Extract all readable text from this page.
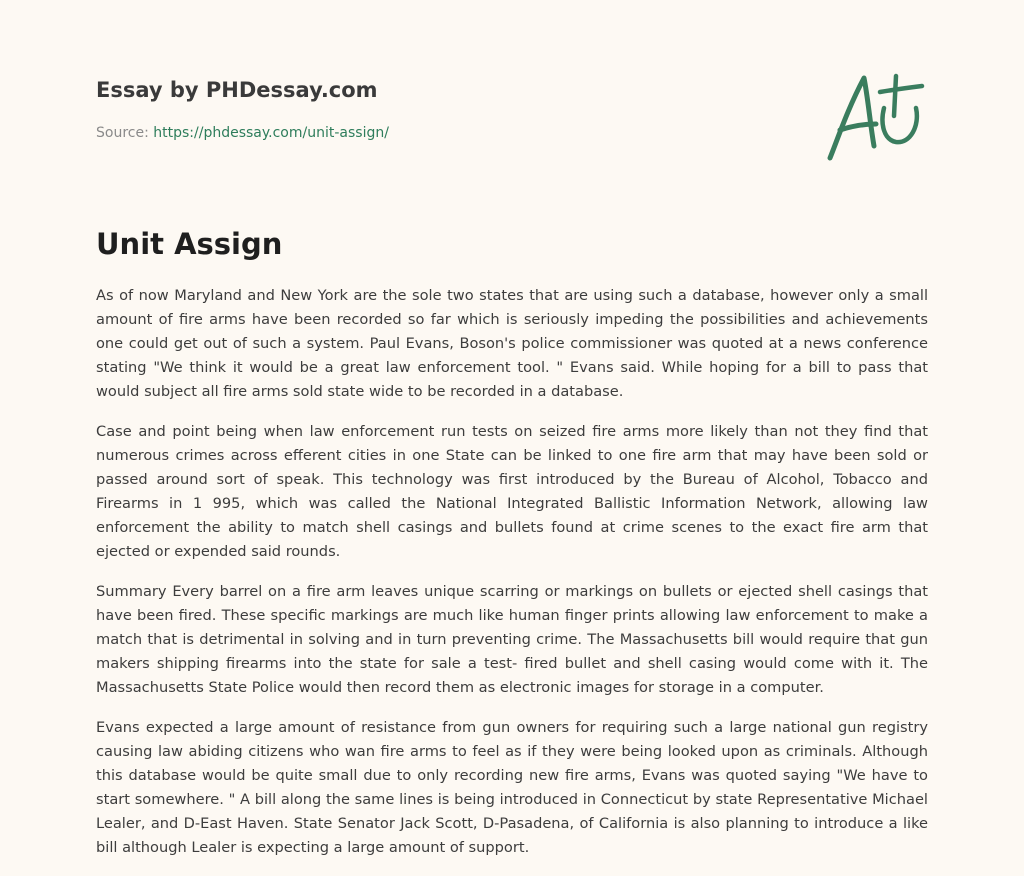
Essay by PHDessay.com
Source: https://phdessay.com/unit-assign/
Unit Assign

As of now Maryland and New York are the sole two states that are using such a database, however only a small amount of fire arms have been recorded so far which is seriously impeding the possibilities and achievements one could get out of such a system. Paul Evans, Boson's police commissioner was quoted at a news conference stating "We think it would be a great law enforcement tool. " Evans said. While hoping for a bill to pass that would subject all fire arms sold state wide to be recorded in a database.

Case and point being when law enforcement run tests on seized fire arms more likely than not they find that numerous crimes across efferent cities in one State can be linked to one fire arm that may have been sold or passed around sort of speak. This technology was first introduced by the Bureau of Alcohol, Tobacco and Firearms in 1 995, which was called the National Integrated Ballistic Information Network, allowing law enforcement the ability to match shell casings and bullets found at crime scenes to the exact fire arm that ejected or expended said rounds.

Summary Every barrel on a fire arm leaves unique scarring or markings on bullets or ejected shell casings that have been fired. These specific markings are much like human finger prints allowing law enforcement to make a match that is detrimental in solving and in turn preventing crime. The Massachusetts bill would require that gun makers shipping firearms into the state for sale a test- fired bullet and shell casing would come with it. The Massachusetts State Police would then record them as electronic images for storage in a computer.

Evans expected a large amount of resistance from gun owners for requiring such a large national gun registry causing law abiding citizens who wan fire arms to feel as if they were being looked upon as criminals. Although this database would be quite small due to only recording new fire arms, Evans was quoted saying "We have to start somewhere. " A bill along the same lines is being introduced in Connecticut by state Representative Michael Lealer, and D-East Haven. State Senator Jack Scott, D-Pasadena, of California is also planning to introduce a like bill although Lealer is expecting a large amount of support.
